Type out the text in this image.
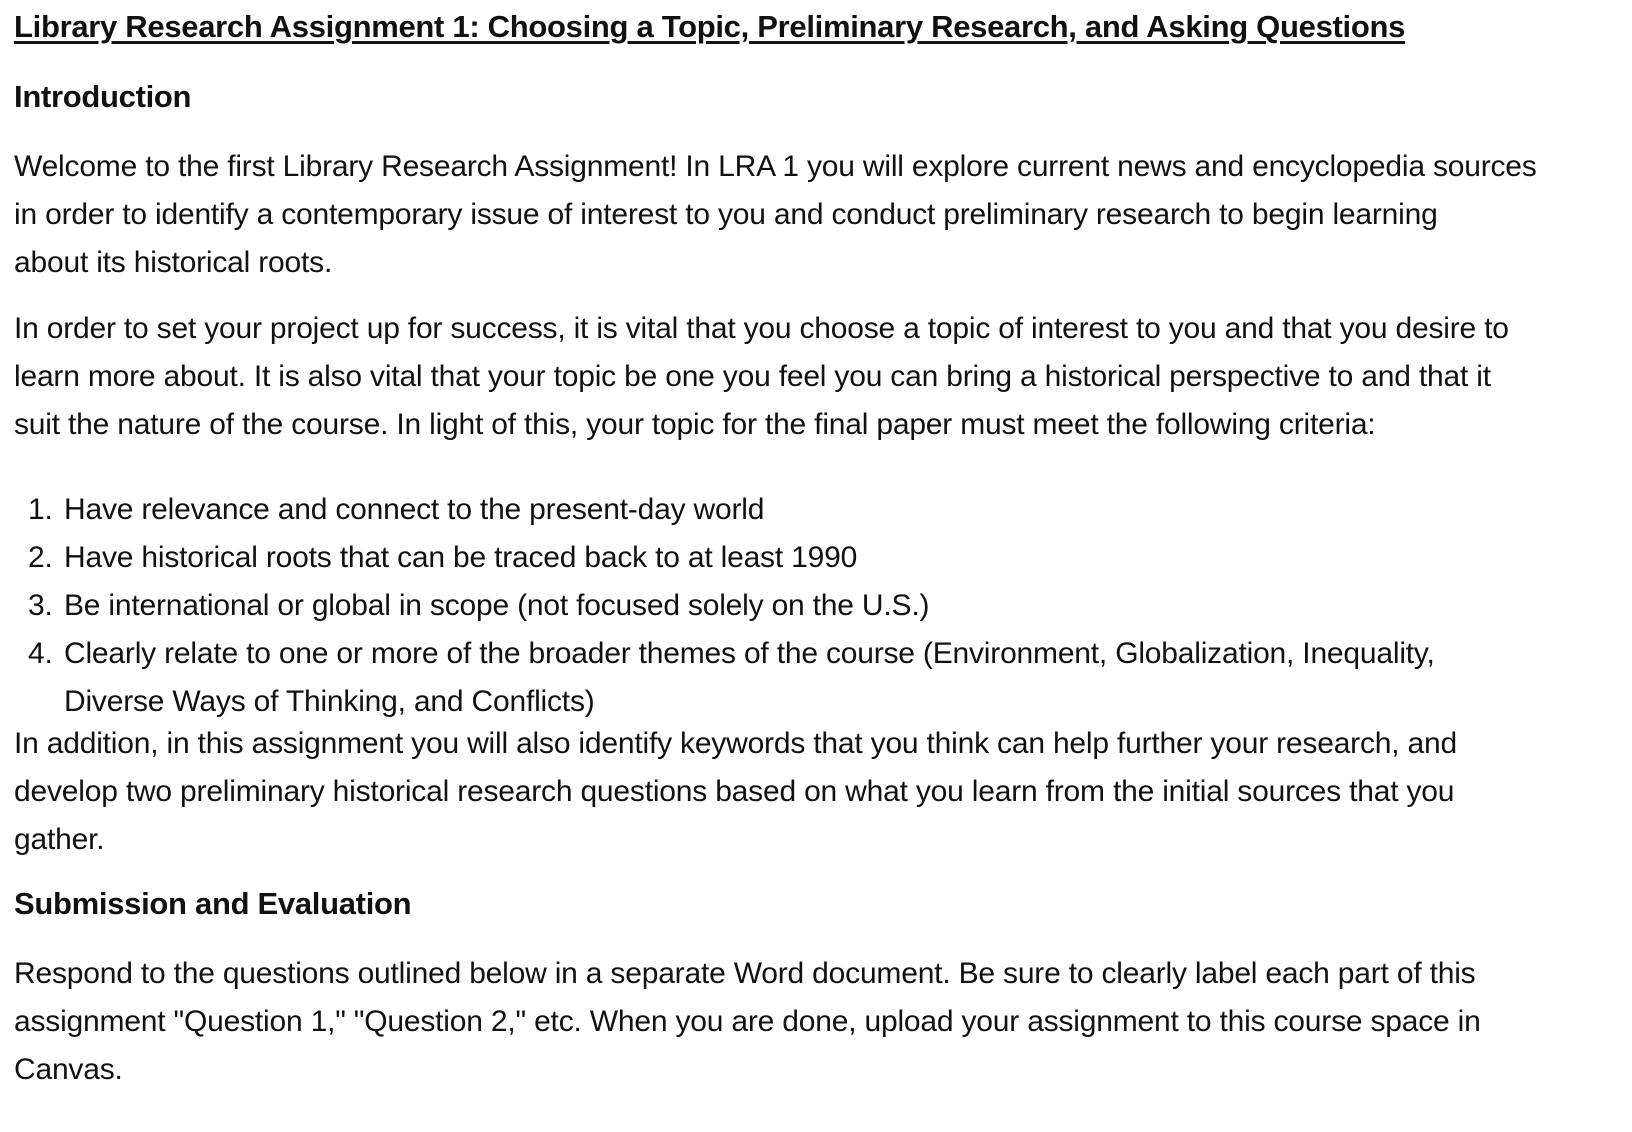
Library Research Assignment 1: Choosing a Topic, Preliminary Research, and Asking Questions
Introduction

Welcome to the first Library Research Assignment! In LRA 1 you will explore current news and encyclopedia sources
in order to identify a contemporary issue of interest to you and conduct preliminary research to begin learning
about its historical roots.

In order to set your project up for success, it is vital that you choose a topic of interest to you and that you desire to
learn more about. It is also vital that your topic be one you feel you can bring a historical perspective to and that it
suit the nature of the course. In light of this, your topic for the final paper must meet the following criteria:

1. Have relevance and connect to the present-day world
2. Have historical roots that can be traced back to at least 1990
3. Be international or global in scope (not focused solely on the U.S.)
4. Clearly relate to one or more of the broader themes of the course (Environment, Globalization, Inequality,
Diverse Ways of Thinking, and Conflicts)

In addition, in this assignment you will also identify keywords that you think can help further your research, and
develop two preliminary historical research questions based on what you learn from the initial sources that you
gather.

Submission and Evaluation

Respond to the questions outlined below in a separate Word document. Be sure to clearly label each part of this
assignment "Question 1," "Question 2," etc. When you are done, upload your assignment to this course space in
Canvas.
